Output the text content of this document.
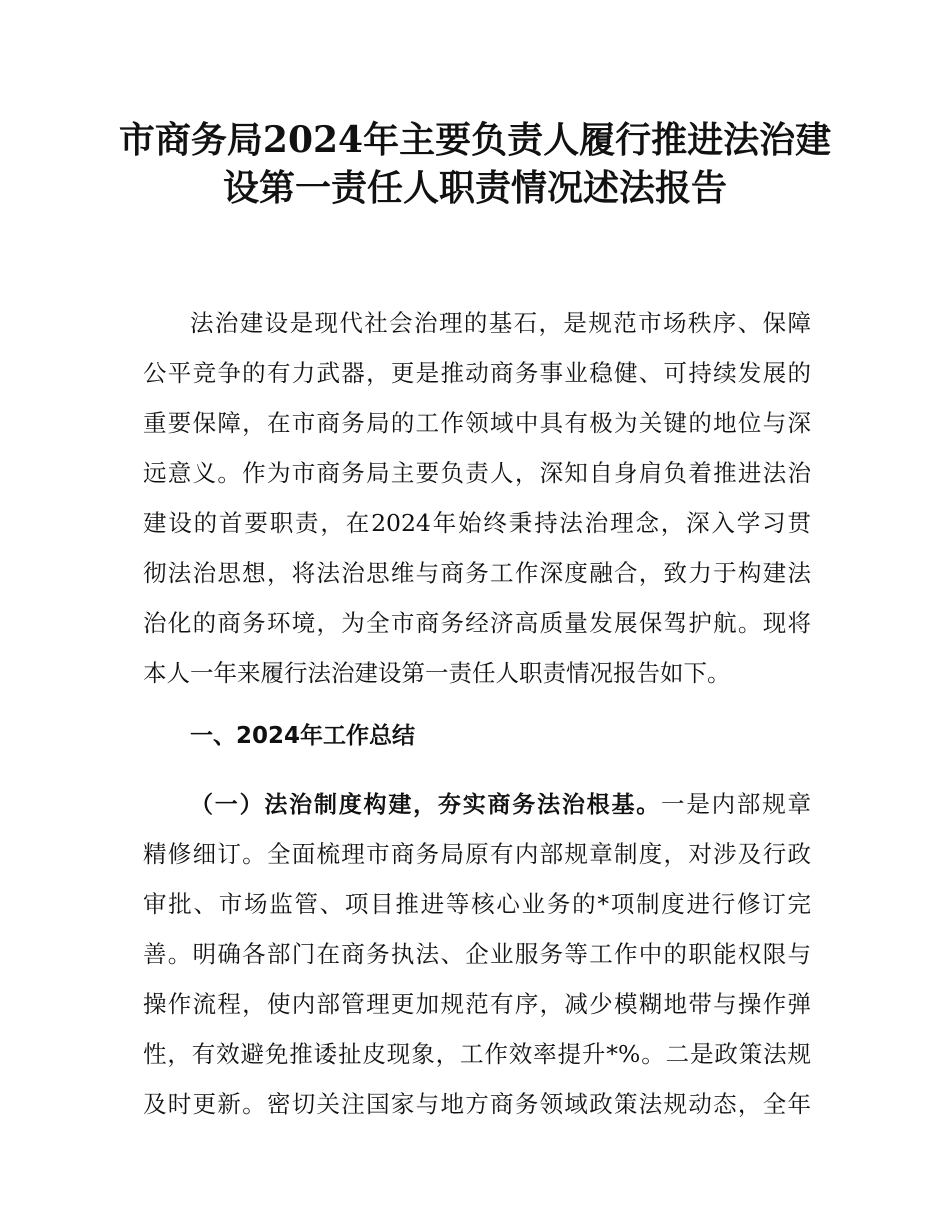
市商务局2024年主要负责人履行推进法治建
设第一责任人职责情况述法报告

法治建设是现代社会治理的基石，是规范市场秩序、保障

公平竞争的有力武器，更是推动商务事业稳健、可持续发展的

重要保障，在市商务局的工作领域中具有极为关键的地位与深

远意义。作为市商务局主要负责人，深知自身肩负着推进法治

建设的首要职责，在2024年始终秉持法治理念，深入学习贯

彻法治思想，将法治思维与商务工作深度融合，致力于构建法

治化的商务环境，为全市商务经济高质量发展保驾护航。现将

本人一年来履行法治建设第一责任人职责情况报告如下。

一、2024年工作总结

（一）法治制度构建，夯实商务法治根基。一是内部规章

精修细订。全面梳理市商务局原有内部规章制度，对涉及行政

审批、市场监管、项目推进等核心业务的*项制度进行修订完

善。明确各部门在商务执法、企业服务等工作中的职能权限与

操作流程，使内部管理更加规范有序，减少模糊地带与操作弹

性，有效避免推诿扯皮现象，工作效率提升*%。二是政策法规

及时更新。密切关注国家与地方商务领域政策法规动态，全年
